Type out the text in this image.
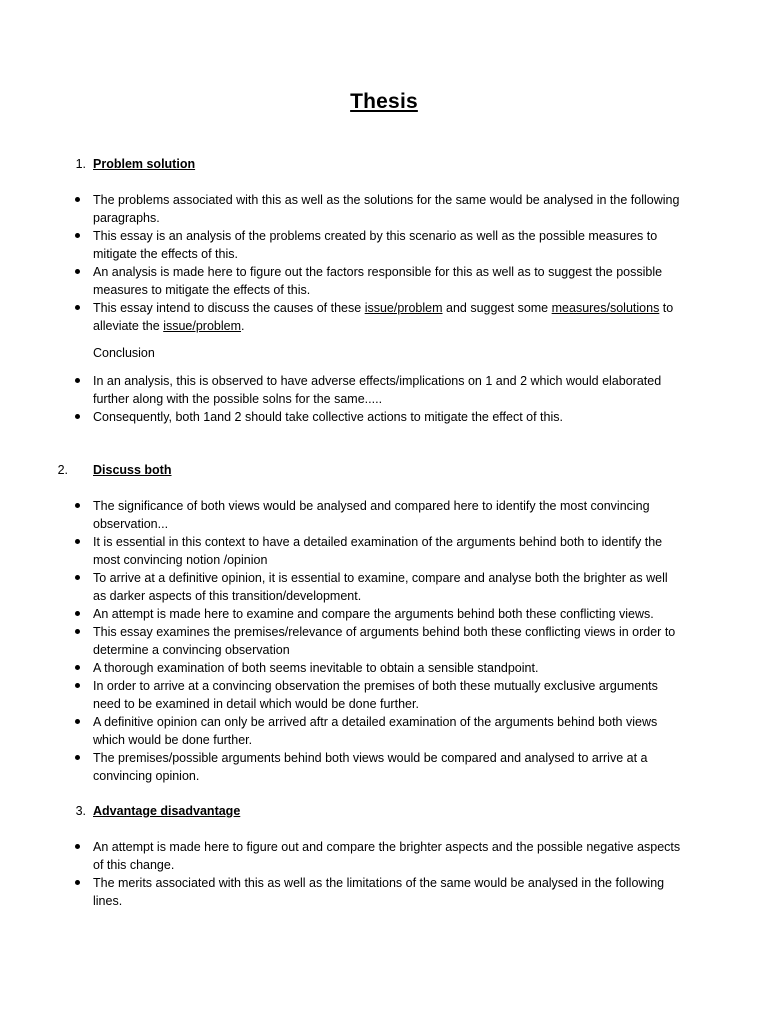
Thesis
1. Problem solution
The problems associated with this as well as the solutions for the same would be analysed in the following paragraphs.
This essay is an analysis of the problems created by this scenario as well as the possible measures to mitigate the effects of this.
An analysis is made here to figure out the factors responsible for this as well as to suggest the possible measures to mitigate the effects of this.
This essay intend to discuss the causes of these issue/problem and suggest some measures/solutions to alleviate the issue/problem.
Conclusion
In an analysis, this is observed to have adverse effects/implications on 1 and 2 which would elaborated further along with the possible solns for the same.....
Consequently, both 1and 2 should take collective actions to mitigate the effect of this.
2. Discuss both
The significance of both views would be analysed and compared here to identify the most convincing observation...
It is essential in this context to have a detailed examination of the arguments behind both to identify the most convincing notion /opinion
To arrive at a definitive opinion, it is essential to examine, compare and analyse both the brighter as well as darker aspects of this transition/development.
An attempt is made here to examine and compare the arguments behind both these conflicting views.
This essay examines the premises/relevance of arguments behind both these conflicting views in order to determine a convincing observation
A thorough examination of both seems inevitable to obtain a sensible standpoint.
In order to arrive at a convincing observation the premises of both these mutually exclusive arguments need to be examined in detail which would be done further.
A definitive opinion can only be arrived aftr a detailed examination of the arguments behind both views which would be done further.
The premises/possible arguments behind both views would be compared and analysed to arrive at a convincing opinion.
3. Advantage disadvantage
An attempt is made here to figure out and compare the brighter aspects and the possible negative aspects of this change.
The merits associated with this as well as the limitations of the same would be analysed in the following lines.
